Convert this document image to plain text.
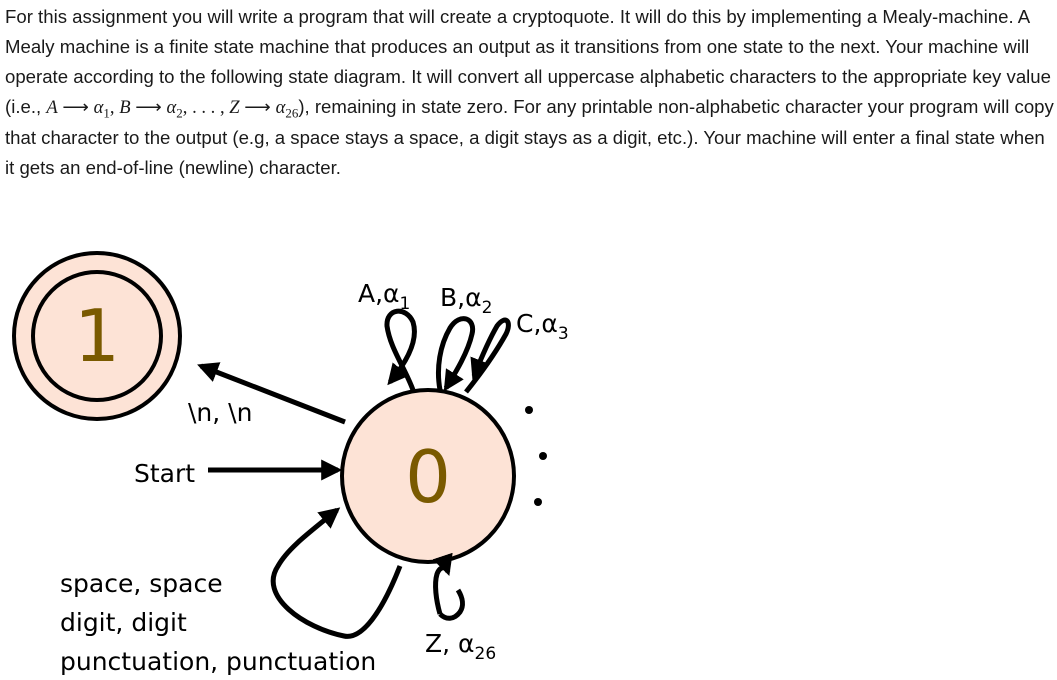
For this assignment you will write a program that will create a cryptoquote. It will do this by implementing a Mealy-machine. A Mealy machine is a finite state machine that produces an output as it transitions from one state to the next. Your machine will operate according to the following state diagram. It will convert all uppercase alphabetic characters to the appropriate key value (i.e., A ⟶ $\alpha_1$, B ⟶ $\alpha_2$, . . . , Z ⟶ $\alpha_{26}$), remaining in state zero. For any printable non-alphabetic character your program will copy that character to the output (e.g, a space stays a space, a digit stays as a digit, etc.). Your machine will enter a final state when it gets an end-of-line (newline) character.

1
0
Start
\n, \n
$A,\alpha_1$ $B,\alpha_2$
$C,\alpha_3$
Z, $\alpha_{26}$
space, space
digit, digit
punctuation, punctuation
